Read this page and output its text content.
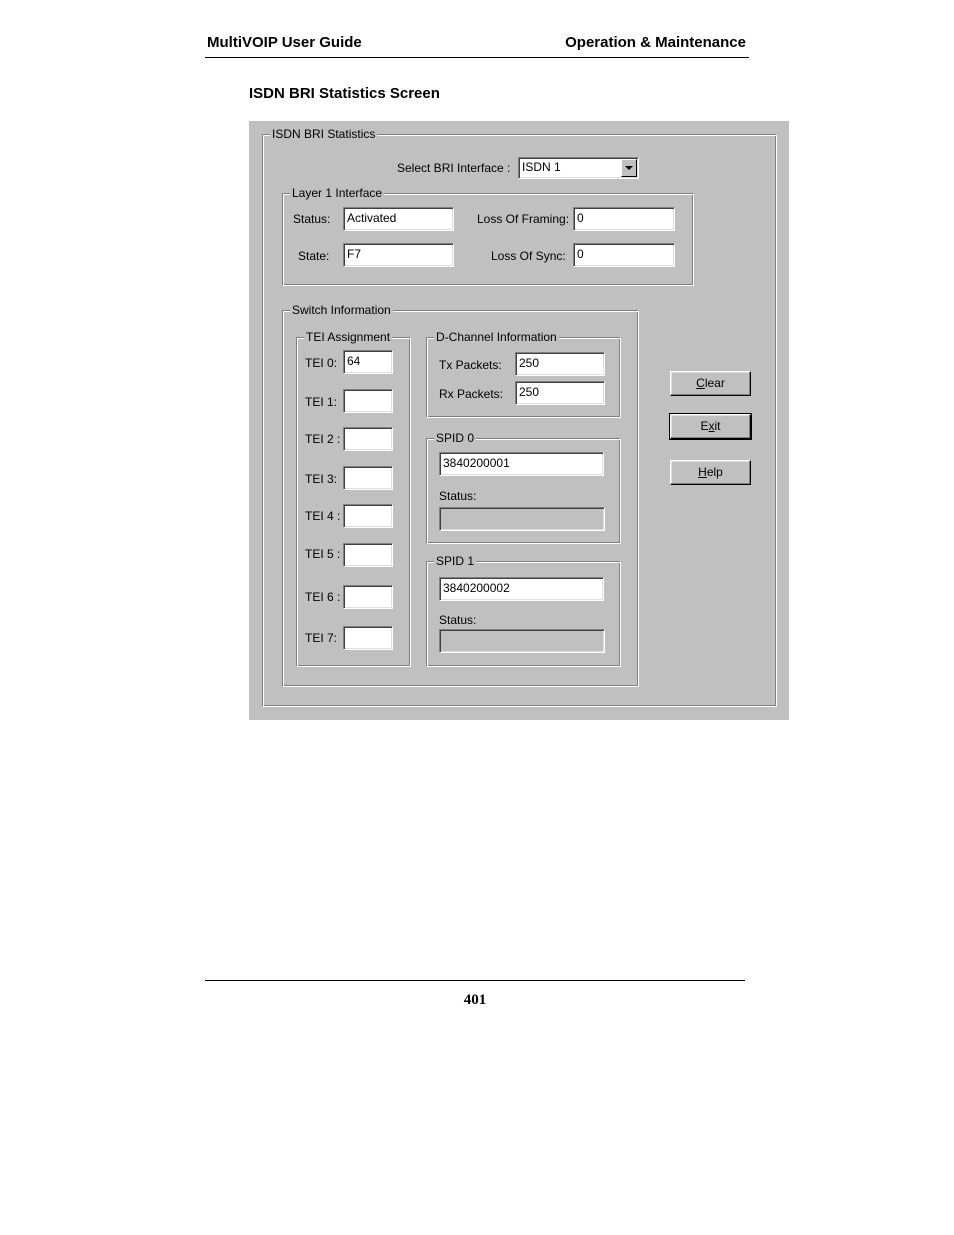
MultiVOIP User Guide	Operation & Maintenance
ISDN BRI Statistics Screen
ISDN BRI Statistics
Select BRI Interface : ISDN 1
Layer 1 Interface
Status:	Activated
State:	F7
Loss Of Framing: 0
Loss Of Sync: 0
Switch Information
TEI Assignment
TEI 0: 64
TEI 1:
TEI 2 :
TEI 3:
TEI 4 :
TEI 5 :
TEI 6 :
TEI 7:
D-Channel Information
Tx Packets:	250
Rx Packets:	250
SPID 0
3840200001
Status:
SPID 1
3840200002
Status:
Clear
Exit
Help
401
